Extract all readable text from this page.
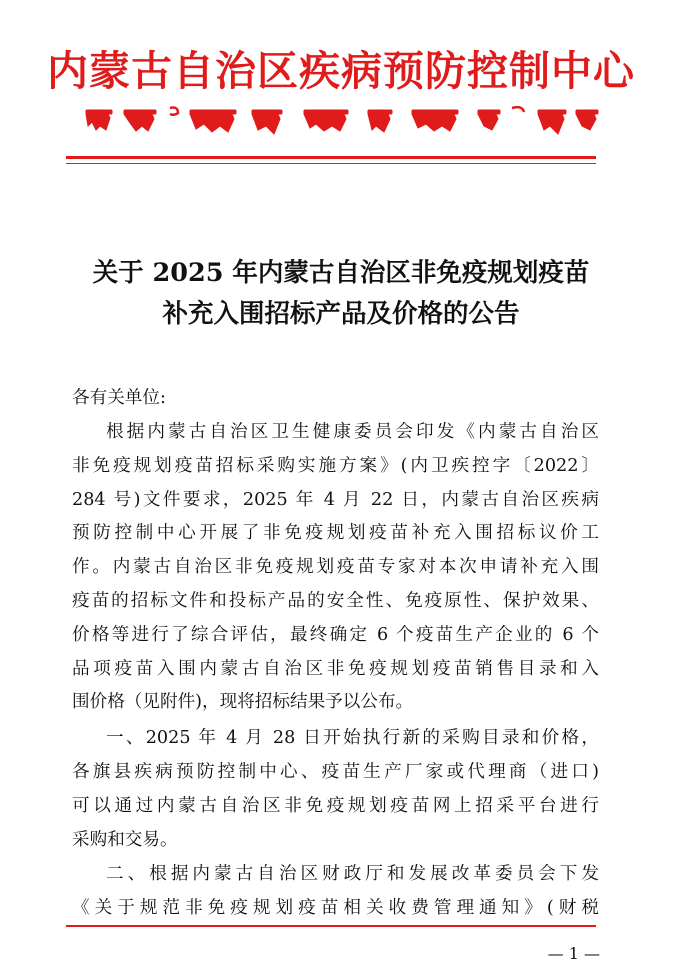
内蒙古自治区疾病预防控制中心
关于 2025 年内蒙古自治区非免疫规划疫苗
补充入围招标产品及价格的公告
各有关单位:
根据内蒙古自治区卫生健康委员会印发《内蒙古自治区
非免疫规划疫苗招标采购实施方案》(内卫疾控字〔2022〕
284 号)文件要求，2025 年 4 月 22 日，内蒙古自治区疾病
预防控制中心开展了非免疫规划疫苗补充入围招标议价工
作。内蒙古自治区非免疫规划疫苗专家对本次申请补充入围
疫苗的招标文件和投标产品的安全性、免疫原性、保护效果、
价格等进行了综合评估，最终确定 6 个疫苗生产企业的 6 个
品项疫苗入围内蒙古自治区非免疫规划疫苗销售目录和入
围价格（见附件)，现将招标结果予以公布。
一、2025 年 4 月 28 日开始执行新的采购目录和价格，
各旗县疾病预防控制中心、疫苗生产厂家或代理商（进口)
可以通过内蒙古自治区非免疫规划疫苗网上招采平台进行
采购和交易。
二、根据内蒙古自治区财政厅和发展改革委员会下发
《关于规范非免疫规划疫苗相关收费管理通知》(财税
— 1 —
